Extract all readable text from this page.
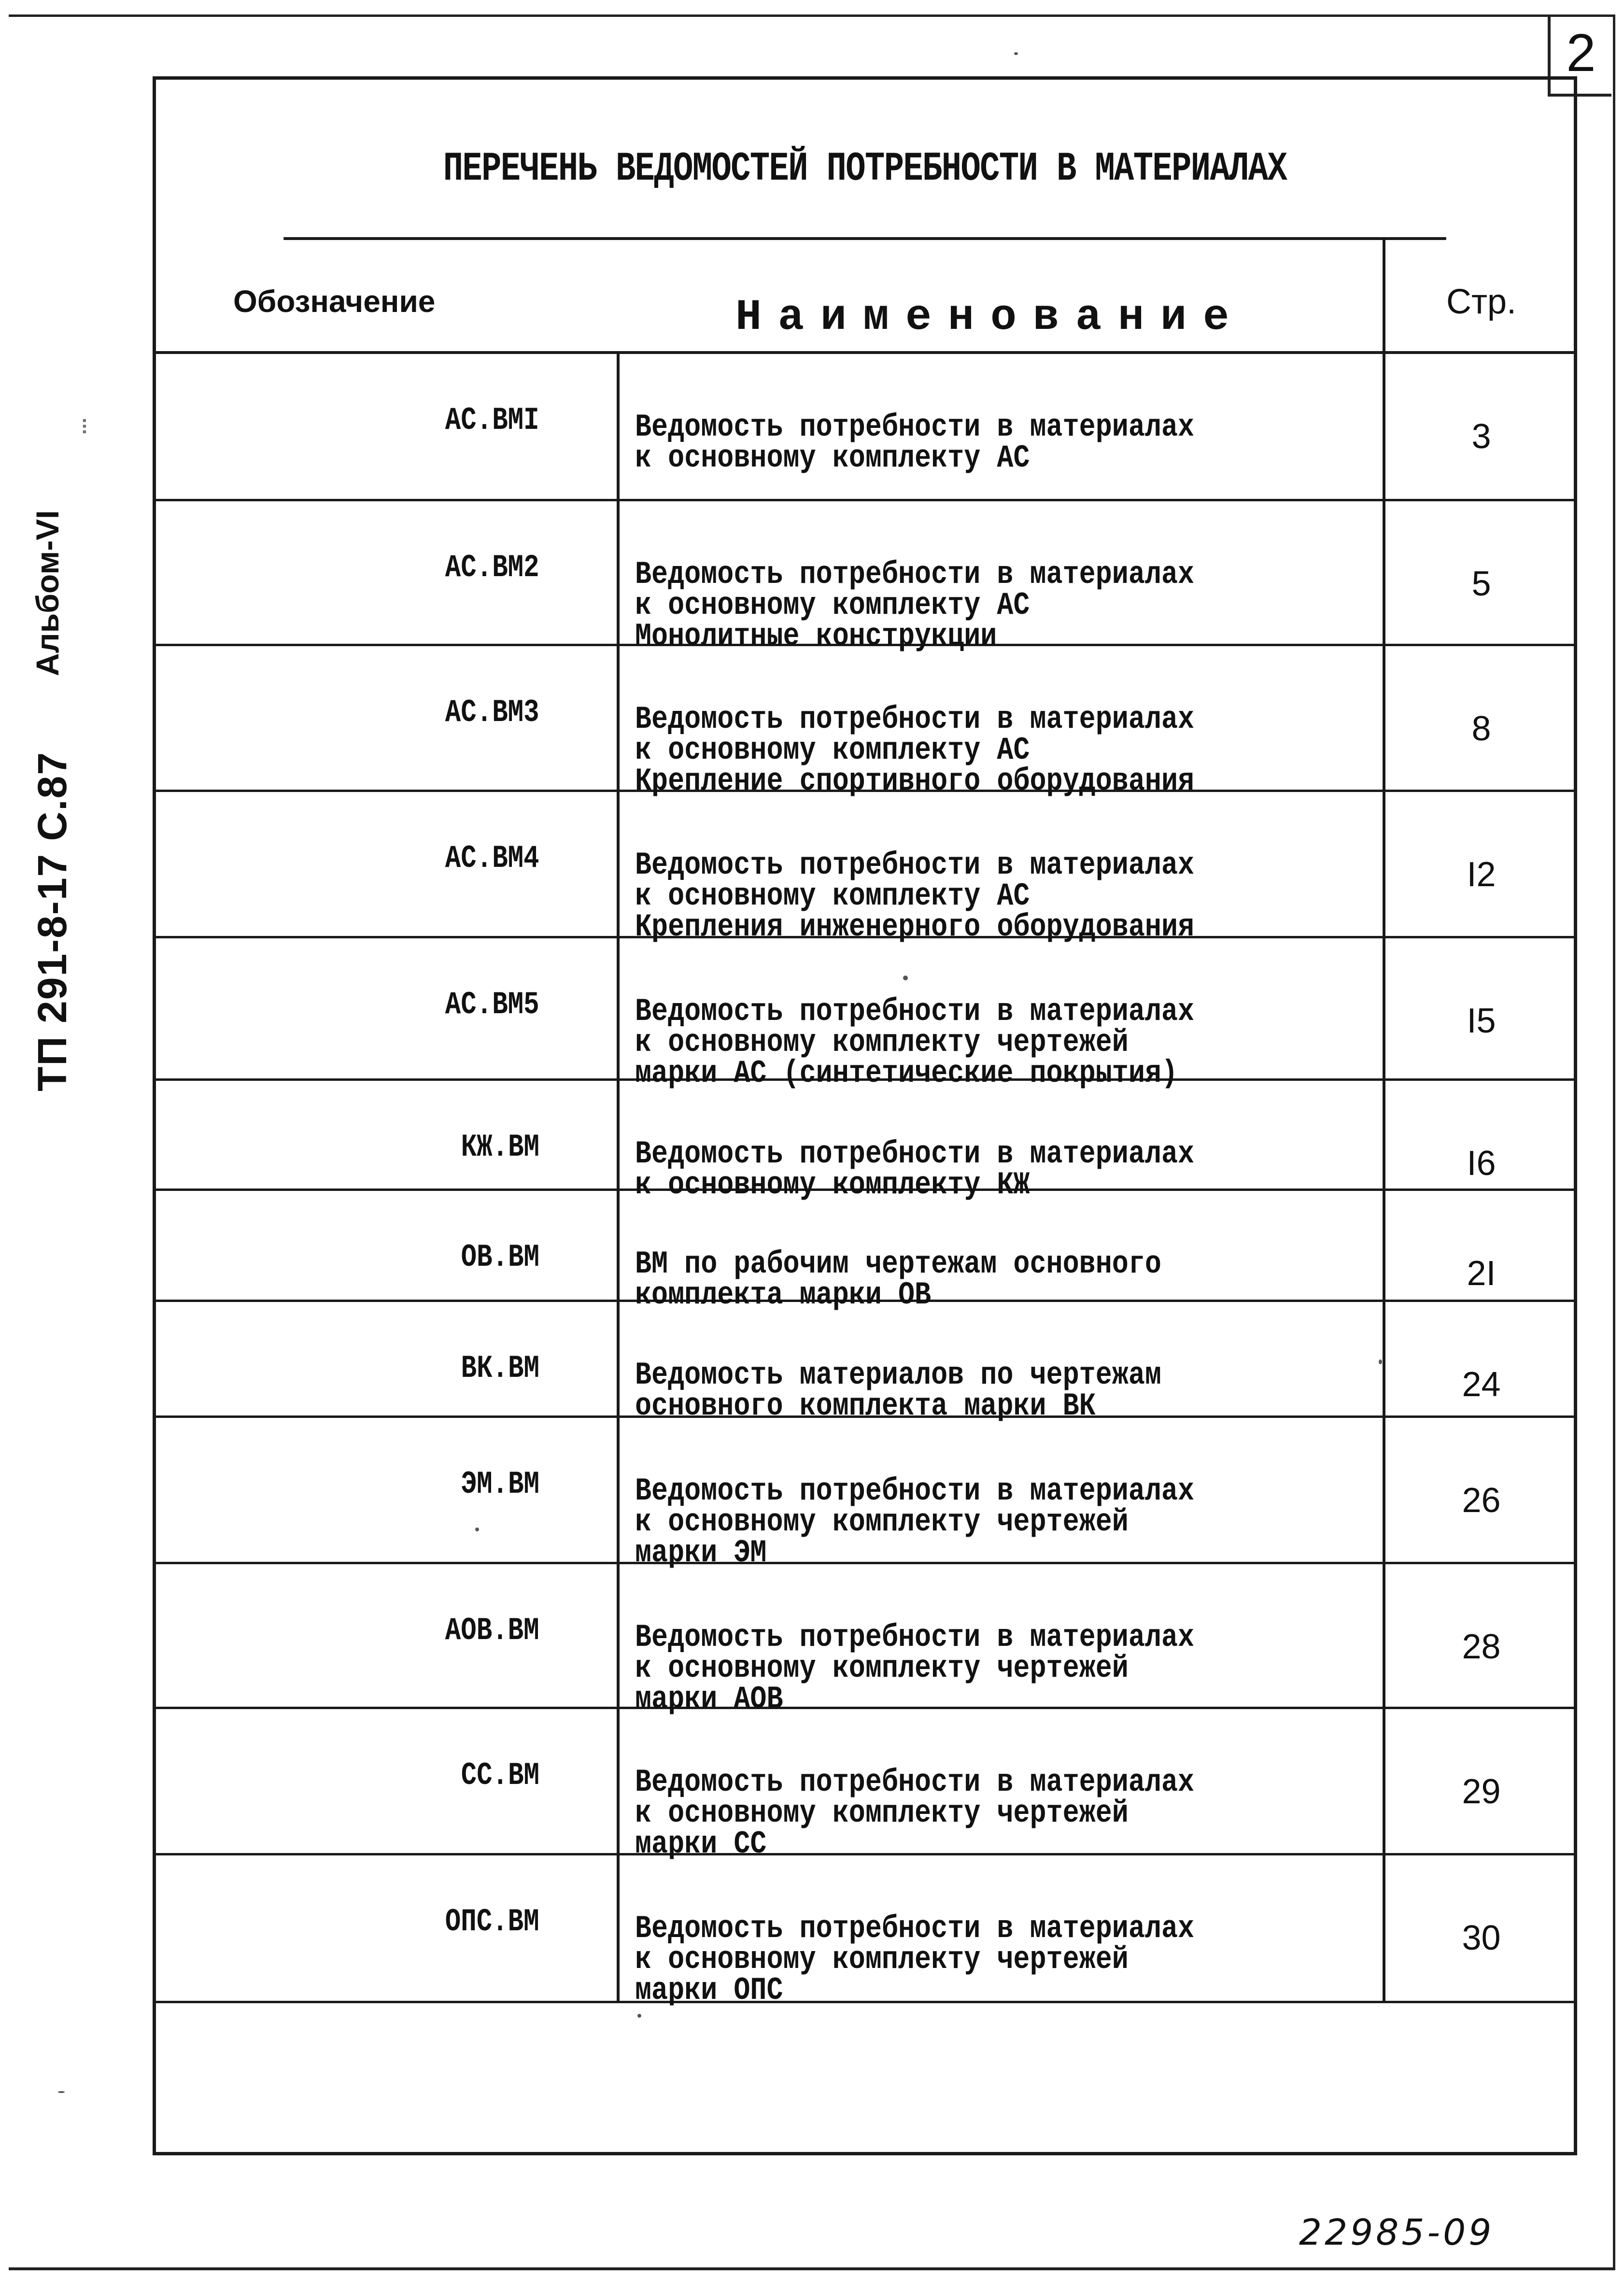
2
ТП 291-8-17 С.87
Альбом-VI
...
ПЕРЕЧЕНЬ ВЕДОМОСТЕЙ ПОТРЕБНОСТИ В МАТЕРИАЛАХ
Обозначение	Наименование	Стр.
АС.ВМI	Ведомость потребности в материалах
к основному комплекту АС
3
АС.ВМ2	Ведомость потребности в материалах
к основному комплекту АС
Монолитные конструкции
5
АС.ВМ3	Ведомость потребности в материалах
к основному комплекту АС
Крепление спортивного оборудования
8
АС.ВМ4	Ведомость потребности в материалах
к основному комплекту АС
Крепления инженерного оборудования
I2
АС.ВМ5	Ведомость потребности в материалах
к основному комплекту чертежей
марки АС (синтетические покрытия)
I5
КЖ.ВМ	Ведомость потребности в материалах
к основному комплекту КЖ
I6
ОВ.ВМ	ВМ по рабочим чертежам основного
комплекта марки ОВ
2I
ВК.ВМ	Ведомость материалов по чертежам
основного комплекта марки ВК
24
ЭМ.ВМ	Ведомость потребности в материалах
к основному комплекту чертежей
марки ЭМ
26
АОВ.ВМ	Ведомость потребности в материалах
к основному комплекту чертежей
марки АОВ
28
СС.ВМ	Ведомость потребности в материалах
к основному комплекту чертежей
марки СС
29
ОПС.ВМ	Ведомость потребности в материалах
к основному комплекту чертежей
марки ОПС
30
22985-09
